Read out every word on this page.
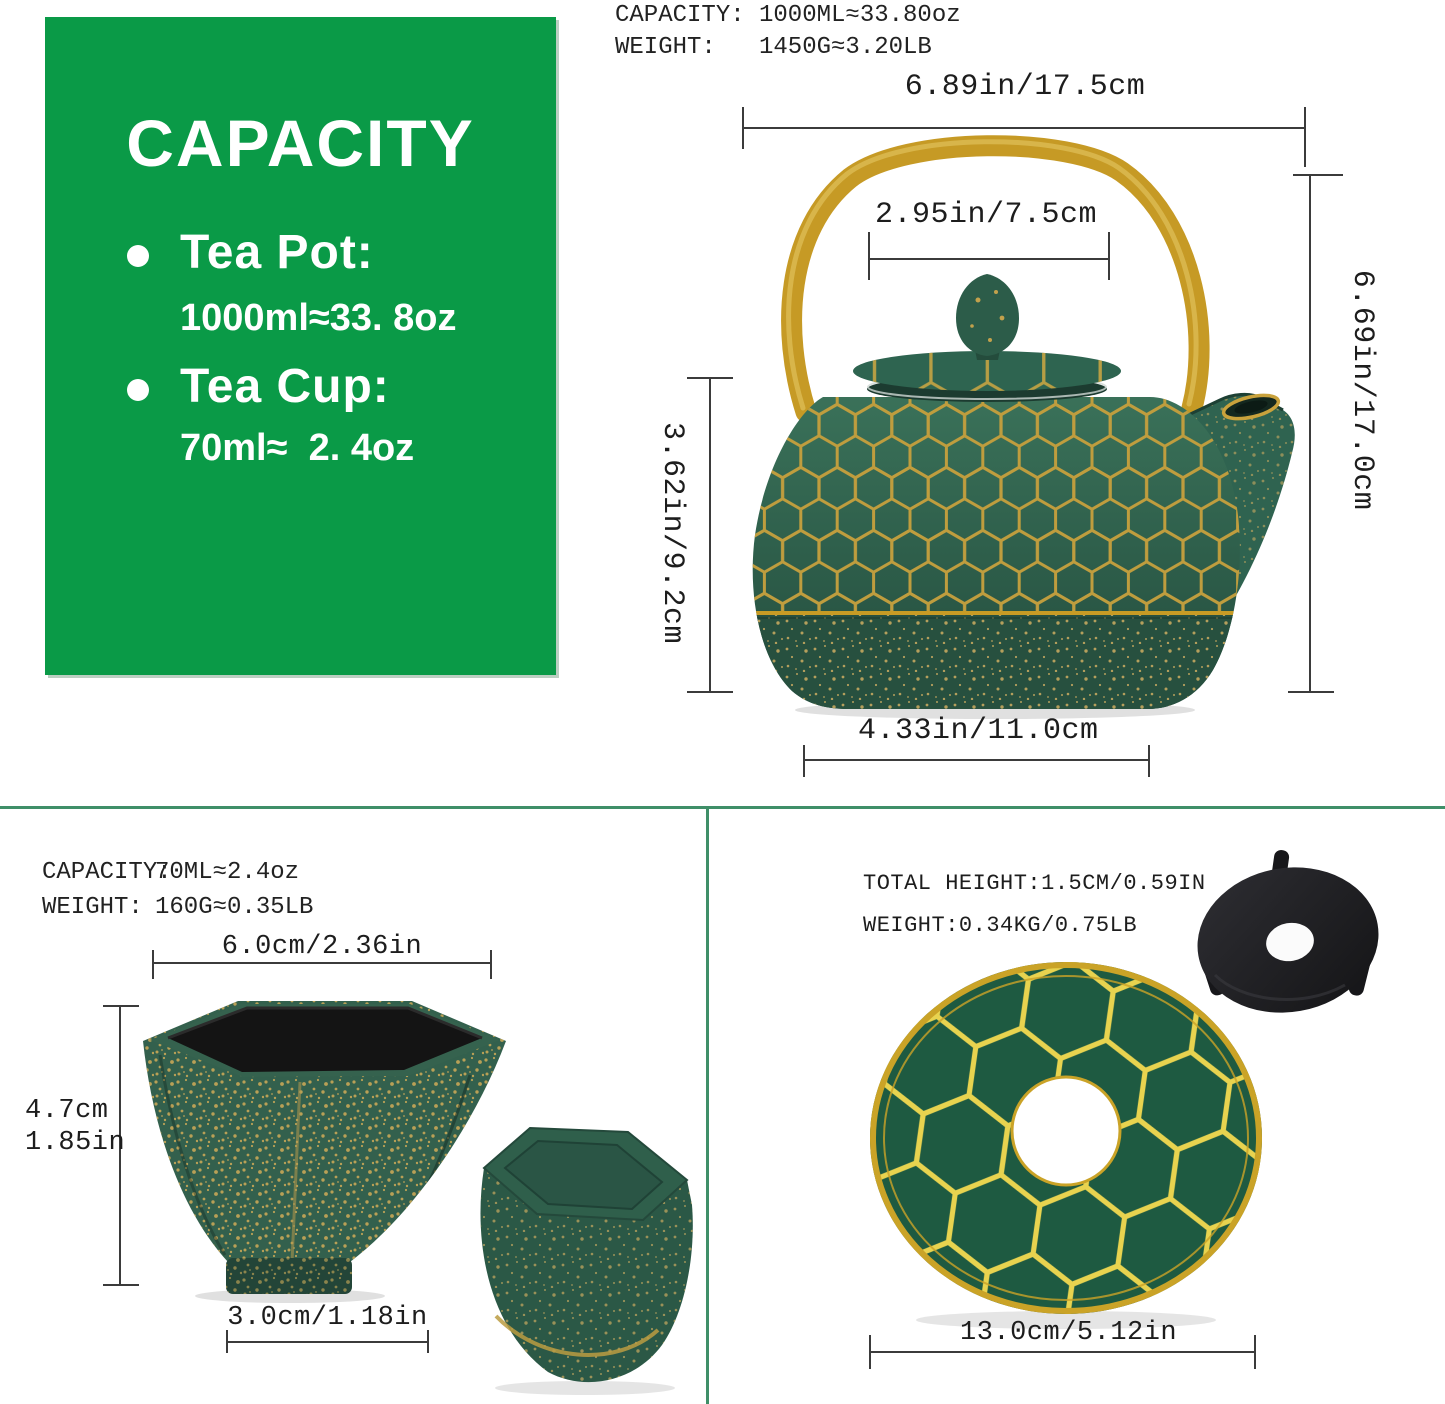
CAPACITY
Tea Pot:
1000ml≈33. 8oz
Tea Cup:
70ml≈  2. 4oz
CAPACITY: 1000ML≈33.80oz
WEIGHT:	1450G≈3.20LB
6.89in/17.5cm
2.95in/7.5cm
6.69in/17.0cm
3.62in/9.2cm
4.33in/11.0cm
CAPACITY:
70ML≈2.4oz
WEIGHT: 160G≈0.35LB
6.0cm/2.36in
4.7cm
1.85in
3.0cm/1.18in
TOTAL HEIGHT:1.5CM/0.59IN
WEIGHT:0.34KG/0.75LB
13.0cm/5.12in
